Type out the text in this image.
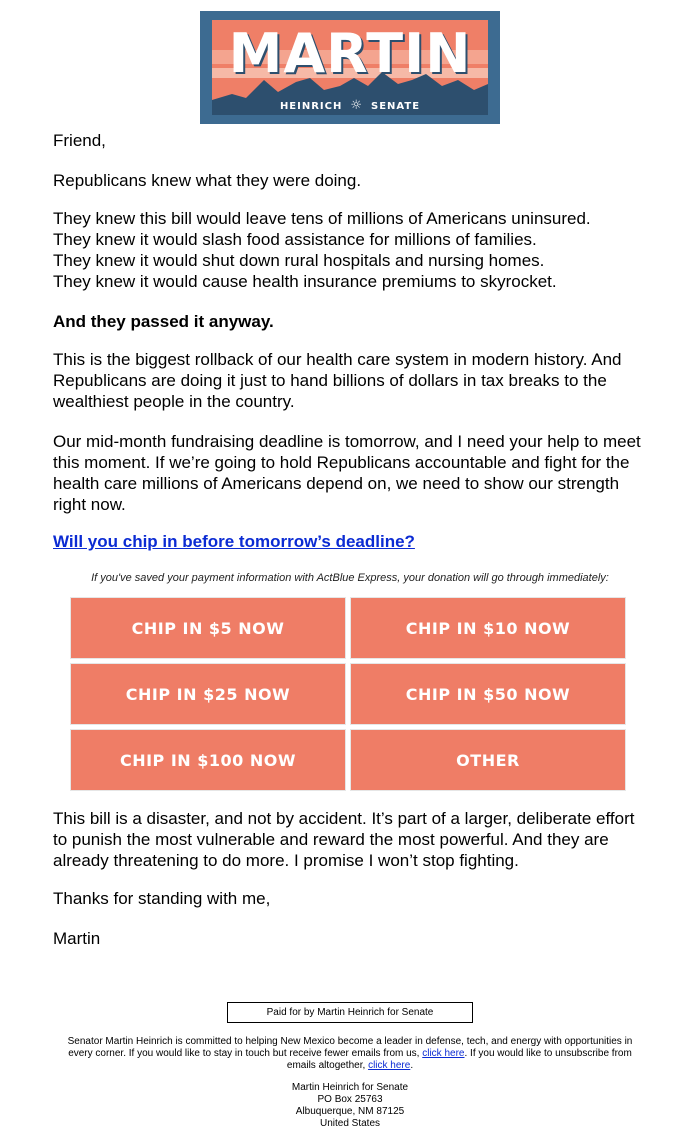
MARTIN
HEINRICH ☼ SENATE
Friend,
Republicans knew what they were doing.

They knew this bill would leave tens of millions of Americans uninsured.

They knew it would slash food assistance for millions of families.

They knew it would shut down rural hospitals and nursing homes.

They knew it would cause health insurance premiums to skyrocket.

And they passed it anyway.
This is the biggest rollback of our health care system in modern history. And Republicans are doing it just to hand billions of dollars in tax breaks to the wealthiest people in the country.
Our mid-month fundraising deadline is tomorrow, and I need your help to meet this moment. If we’re going to hold Republicans accountable and fight for the health care millions of Americans depend on, we need to show our strength right now.
Will you chip in before tomorrow’s deadline?
If you've saved your payment information with ActBlue Express, your donation will go through immediately:
CHIP IN $5 NOW	CHIP IN $10 NOW
CHIP IN $25 NOW	CHIP IN $50 NOW
CHIP IN $100 NOW	OTHER
This bill is a disaster, and not by accident. It’s part of a larger, deliberate effort to punish the most vulnerable and reward the most powerful. And they are already threatening to do more. I promise I won’t stop fighting.
Thanks for standing with me,
Martin
Paid for by Martin Heinrich for Senate
Senator Martin Heinrich is committed to helping New Mexico become a leader in defense, tech, and energy with opportunities in every corner. If you would like to stay in touch but receive fewer emails from us, click here. If you would like to unsubscribe from emails altogether, click here.
Martin Heinrich for Senate
PO Box 25763
Albuquerque, NM 87125
United States
